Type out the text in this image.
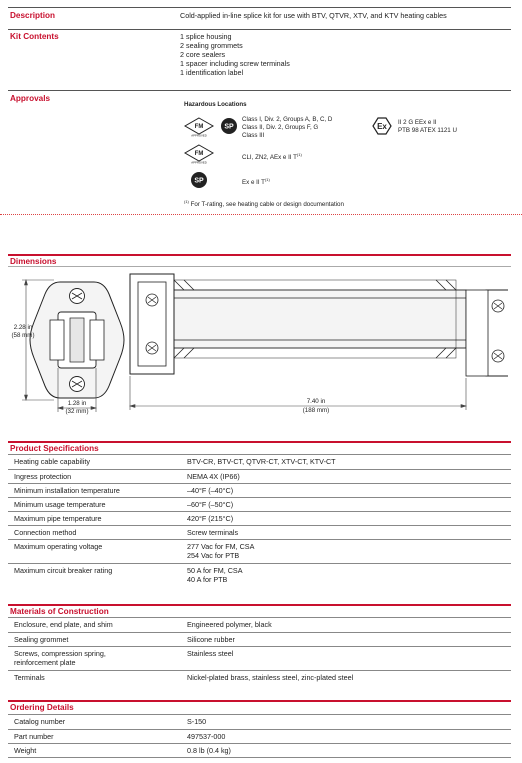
Description	Cold-applied in-line splice kit for use with BTV, QTVR, XTV, and KTV heating cables
Kit Contents	1 splice housing
2 sealing grommets
2 core sealers
1 spacer including screw terminals
1 identification label
Approvals
Hazardous Locations
FM
APPROVED
SP
Class I, Div. 2, Groups A, B, C, D
Class II, Div. 2, Groups F, G
Class III
Ex II 2 G EEx e II
PTB 98 ATEX 1121 U
FM
APPROVED
CLI, ZN2, AEx e II $T^{(1)}$
SP	Ex e II $T^{(1)}$
$^{(1)}$ For T-rating, see heating cable or design documentation
Dimensions
2.28 in
(58 mm)
1.28 in
(32 mm)
7.40 in
(188 mm)
Product Specifications
Heating cable capability	BTV-CR, BTV-CT, QTVR-CT, XTV-CT, KTV-CT
Ingress protection	NEMA 4X (IP66)
Minimum installation temperature	–40°F (–40°C)
Minimum usage temperature	–60°F (–50°C)
Maximum pipe temperature	420°F (215°C)
Connection method	Screw terminals
Maximum operating voltage	277 Vac for FM, CSA
254 Vac for PTB
Maximum circuit breaker rating	50 A for FM, CSA
40 A for PTB
Materials of Construction
Enclosure, end plate, and shim	Engineered polymer, black
Sealing grommet	Silicone rubber
Screws, compression spring,	Stainless steel
reinforcement plate
Terminals	Nickel-plated brass, stainless steel, zinc-plated steel
Ordering Details
Catalog number	S-150
Part number	497537-000
Weight	0.8 lb (0.4 kg)
